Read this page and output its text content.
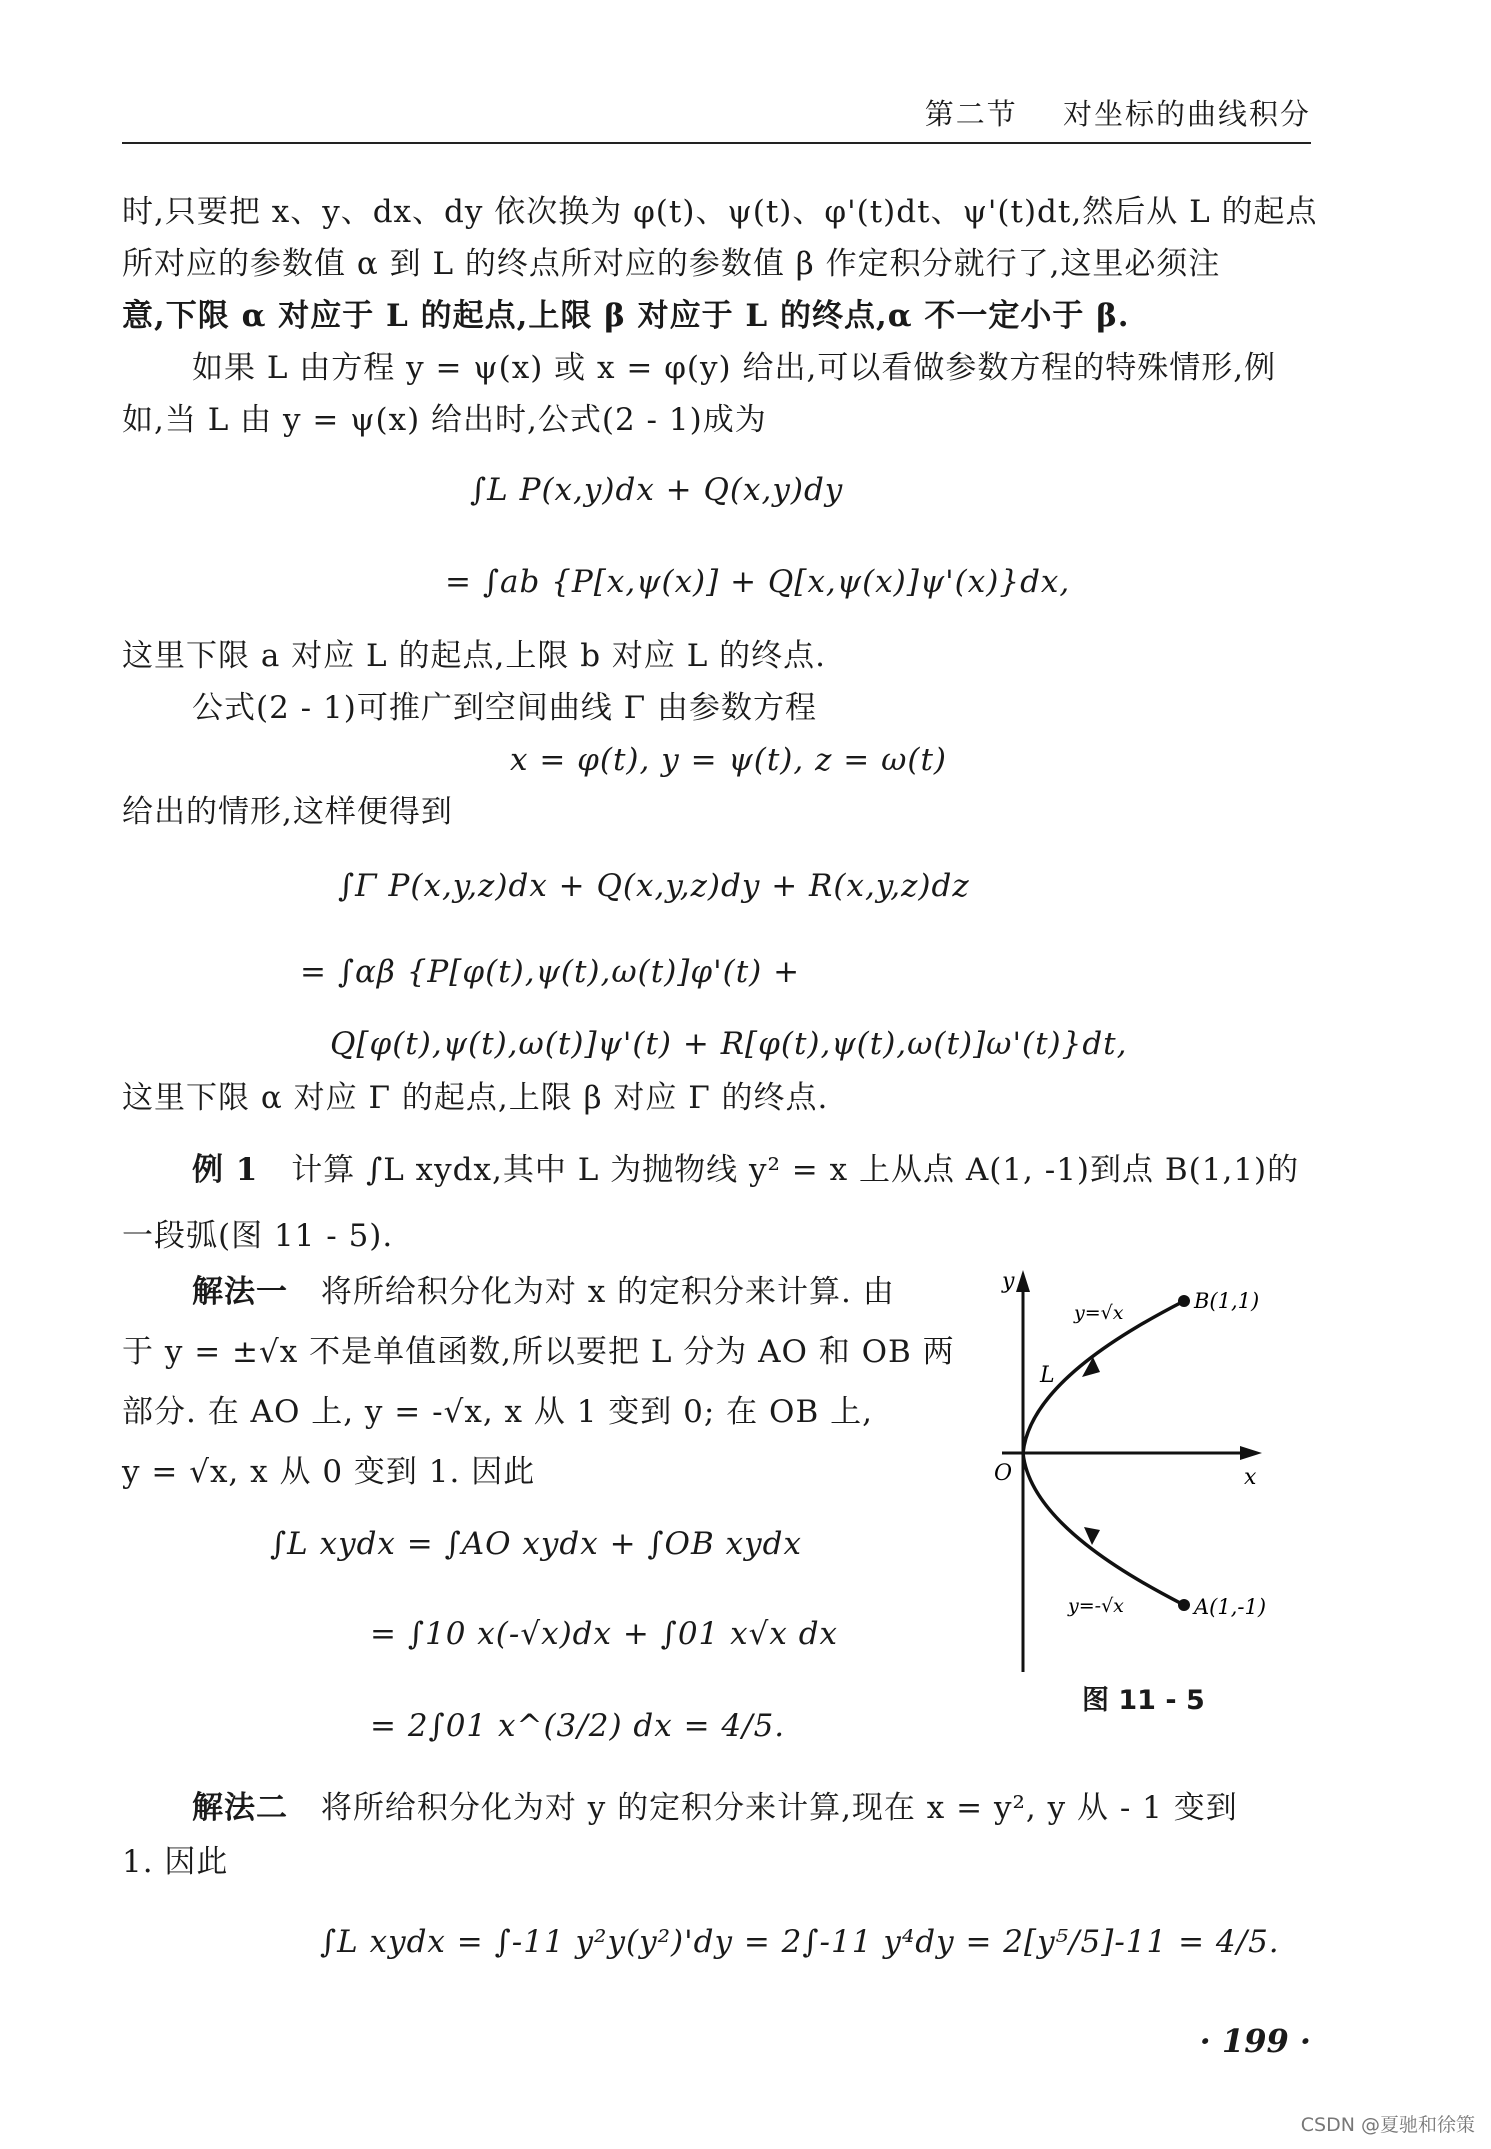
第二节 对坐标的曲线积分
时,只要把 x、y、dx、dy 依次换为 φ(t)、ψ(t)、φ'(t)dt、ψ'(t)dt,然后从 L 的起点
所对应的参数值 α 到 L 的终点所对应的参数值 β 作定积分就行了,这里必须注
意,下限 α 对应于 L 的起点,上限 β 对应于 L 的终点,α 不一定小于 β.
如果 L 由方程 y = ψ(x) 或 x = φ(y) 给出,可以看做参数方程的特殊情形,例
如,当 L 由 y = ψ(x) 给出时,公式(2 - 1)成为
∫L P(x,y)dx + Q(x,y)dy
= ∫ab {P[x,ψ(x)] + Q[x,ψ(x)]ψ'(x)}dx,
这里下限 a 对应 L 的起点,上限 b 对应 L 的终点.
公式(2 - 1)可推广到空间曲线 Γ 由参数方程
x = φ(t), y = ψ(t), z = ω(t)
给出的情形,这样便得到
∫Γ P(x,y,z)dx + Q(x,y,z)dy + R(x,y,z)dz
= ∫αβ {P[φ(t),ψ(t),ω(t)]φ'(t) +
Q[φ(t),ψ(t),ω(t)]ψ'(t) + R[φ(t),ψ(t),ω(t)]ω'(t)}dt,
这里下限 α 对应 Γ 的起点,上限 β 对应 Γ 的终点.
例 1 计算 ∫L xydx,其中 L 为抛物线 y² = x 上从点 A(1, -1)到点 B(1,1)的
一段弧(图 11 - 5).
解法一 将所给积分化为对 x 的定积分来计算. 由
于 y = ±√x 不是单值函数,所以要把 L 分为 AO 和 OB 两
部分. 在 AO 上, y = -√x, x 从 1 变到 0; 在 OB 上,
y = √x, x 从 0 变到 1. 因此
∫L xydx = ∫AO xydx + ∫OB xydx
= ∫10 x(-√x)dx + ∫01 x√x dx
= 2∫01 x^(3/2) dx = 4/5.
解法二 将所给积分化为对 y 的定积分来计算,现在 x = y², y 从 - 1 变到
1. 因此
∫L xydx = ∫-11 y²y(y²)'dy = 2∫-11 y⁴dy = 2[y⁵/5]-11 = 4/5.
y
x
O
L
y=√x
y=-√x
B(1,1)
A(1,-1)
图 11 - 5
· 199 ·
CSDN @夏驰和徐策
